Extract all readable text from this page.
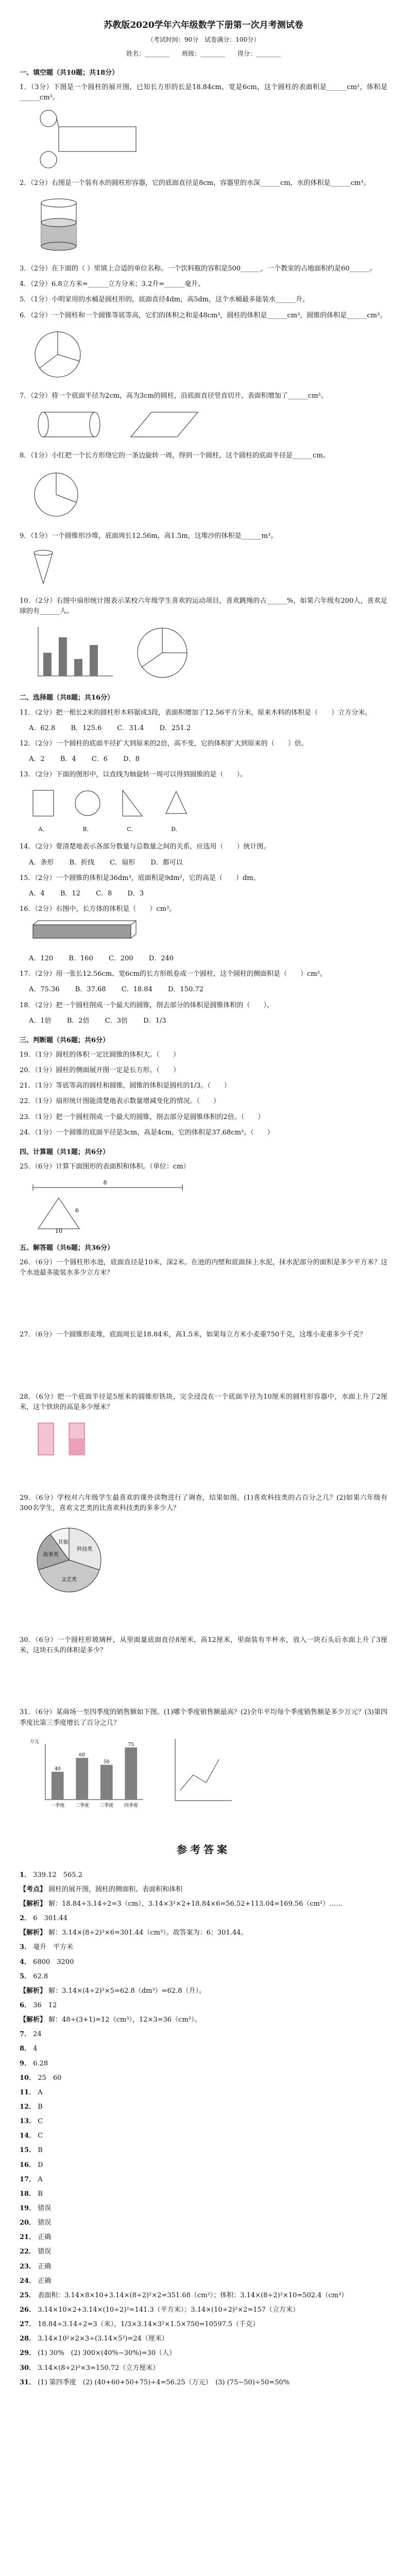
苏教版2020学年六年级数学下册第一次月考测试卷
（考试时间：90分　试卷满分：100分）
姓名：________ 班级：________ 得分：________
一、填空题（共10题；共18分）
1．（3分）下图是一个圆柱的展开图，已知长方形的长是18.84cm，宽是6cm，这个圆柱的表面积是______cm²，体积是______cm³。
2．（2分）右图是一个装有水的圆柱形容器，它的底面直径是8cm，容器里的水深______cm，水的体积是______cm³。
3．（2分）在下面的（ ）里填上合适的单位名称。一个饮料瓶的容积是500______，一个教室的占地面积约是60______。
4．（2分）6.8立方米=______立方分米；3.2升=______毫升。
5．（1分）小明家用的水桶是圆柱形的，底面直径4dm，高5dm，这个水桶最多能装水______升。
6．（2分）一个圆柱和一个圆锥等底等高，它们的体积之和是48cm³，圆柱的体积是______cm³，圆锥的体积是______cm³。
7．（2分）将一个底面半径为2cm，高为3cm的圆柱，沿底面直径竖直切开，表面积增加了______cm²。
8．（1分）小红把一个长方形绕它的一条边旋转一周，得到一个圆柱，这个圆柱的底面半径是______cm。
9．（1分）一个圆锥形沙堆，底面周长12.56m，高1.5m，这堆沙的体积是______m³。
10．（2分）右图中扇形统计图表示某校六年级学生喜欢的运动项目，喜欢跳绳的占______%，如果六年级有200人，喜欢足球的有______人。
二、选择题（共8题；共16分）
11．（2分）把一根长2米的圆柱形木料锯成3段，表面积增加了12.56平方分米，原来木料的体积是（　　）立方分米。
A．62.8 B．125.6 C．31.4 D．251.2
12．（2分）一个圆柱的底面半径扩大到原来的2倍，高不变，它的体积扩大到原来的（　　）倍。
A．2 B．4 C．6 D．8
13．（2分）下面的图形中，以直线为轴旋转一周可以得到圆锥的是（　　）。
A．	B．	C．	D．
14．（2分）要清楚地表示各部分数量与总数量之间的关系，应选用（　　）统计图。
A．条形 B．折线 C．扇形 D．都可以
15．（2分）一个圆锥的体积是36dm³，底面积是9dm²，它的高是（　　）dm。
A．4 B．12 C．8 D．3
16．（2分）右图中，长方体的体积是（　　）cm³。
A．120 B．160 C．200 D．240
17．（2分）用一张长12.56cm、宽6cm的长方形纸卷成一个圆柱，这个圆柱的侧面积是（　　）cm²。
A．75.36 B．37.68 C．18.84 D．150.72
18．（2分）把一个圆柱削成一个最大的圆锥，削去部分的体积是圆锥体积的（　　）。
A．1倍 B．2倍 C．3倍 D．1/3
三、判断题（共6题；共6分）
19．（1分）圆柱的体积一定比圆锥的体积大。（　　）
20．（1分）圆柱的侧面展开图一定是长方形。（　　）
21．（1分）等底等高的圆柱和圆锥，圆锥的体积是圆柱的1/3。（　　）
22．（1分）扇形统计图能清楚地表示数量增减变化的情况。（　　）
23．（1分）把一个圆柱削成一个最大的圆锥，削去部分是圆锥体积的2倍。（　　）
24．（1分）一个圆锥的底面半径是3cm，高是4cm，它的体积是37.68cm³。（　　）
四、计算题（共1题；共6分）
25．（6分）计算下面图形的表面积和体积。（单位：cm）
8
10
6
五、解答题（共6题；共36分）
26．（6分）一个圆柱形水池，底面直径是10米，深2米。在池的内壁和底面抹上水泥，抹水泥部分的面积是多少平方米？这个水池最多能装水多少立方米？
27．（6分）一个圆锥形麦堆，底面周长是18.84米，高1.5米，如果每立方米小麦重750千克，这堆小麦重多少千克？
28．（6分）把一个底面半径是5厘米的圆锥形铁块，完全浸没在一个底面半径为10厘米的圆柱形容器中，水面上升了2厘米，这个铁块的高是多少厘米？
29．（6分）学校对六年级学生最喜欢的课外读物进行了调查，结果如图。(1)喜欢科技类的占百分之几？(2)如果六年级有300名学生，喜欢文艺类的比喜欢科技类的多多少人？
科技类
文艺类
故事类
其他
30．（6分）一个圆柱形玻璃杯，从里面量底面直径8厘米，高12厘米，里面装有半杯水，放入一块石头后水面上升了3厘米，这块石头的体积是多少？
31．（6分）某商场一至四季度的销售额如下图。(1)哪个季度销售额最高？(2)全年平均每个季度销售额是多少万元？(3)第四季度比第三季度增长了百分之几？
万元
40
一季度
60
二季度
50
三季度
75
四季度
参考答案
1． 339.12　565.2
【考点】 圆柱的展开图，圆柱的侧面积、表面积和体积
【解析】 解：18.84÷3.14÷2=3（cm），3.14×3²×2+18.84×6=56.52+113.04=169.56（cm²）……
2． 6　301.44
【解析】 解：3.14×(8÷2)²×6=301.44（cm³）。故答案为：6；301.44。
3． 毫升　平方米
4． 6800　3200
5． 62.8
【解析】 解：3.14×(4÷2)²×5=62.8（dm³）=62.8（升）。
6． 36　12
【解析】 解：48÷(3+1)=12（cm³），12×3=36（cm³）。
7． 24
8． 4
9． 6.28
10． 25　60
11． A
12． B
13． C
14． C
15． B
16． D
17． A
18． B
19． 错误
20． 错误
21． 正确
22． 错误
23． 正确
24． 正确
25． 表面积：3.14×8×10+3.14×(8÷2)²×2=351.68（cm²）；体积：3.14×(8÷2)²×10=502.4（cm³）
26． 3.14×10×2+3.14×(10÷2)²=141.3（平方米）；3.14×(10÷2)²×2=157（立方米）
27． 18.84÷3.14÷2=3（米），1/3×3.14×3²×1.5×750=10597.5（千克）
28． 3.14×10²×2×3÷(3.14×5²)=24（厘米）
29． (1) 30%　(2) 300×(40%−30%)=30（人）
30． 3.14×(8÷2)²×3=150.72（立方厘米）
31． (1) 第四季度　(2) (40+60+50+75)÷4=56.25（万元）　(3) (75−50)÷50=50%
